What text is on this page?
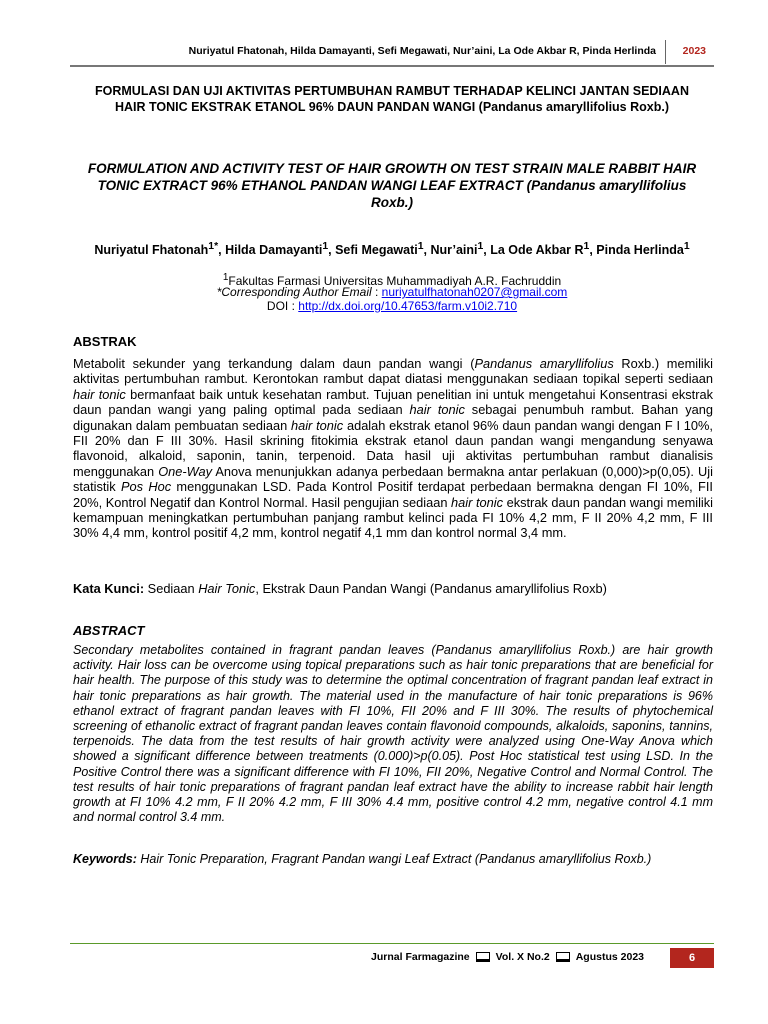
Nuriyatul Fhatonah, Hilda Damayanti, Sefi Megawati, Nur’aini, La Ode Akbar R, Pinda Herlinda	2023
FORMULASI DAN UJI AKTIVITAS PERTUMBUHAN RAMBUT TERHADAP KELINCI JANTAN SEDIAAN HAIR TONIC EKSTRAK ETANOL 96% DAUN PANDAN WANGI (Pandanus amaryllifolius Roxb.)
FORMULATION AND ACTIVITY TEST OF HAIR GROWTH ON TEST STRAIN MALE RABBIT HAIR TONIC EXTRACT 96% ETHANOL PANDAN WANGI LEAF EXTRACT (Pandanus amaryllifolius Roxb.)
Nuriyatul Fhatonah$^{1*}$, Hilda Damayanti$^1$, Sefi Megawati$^1$, Nur’aini$^1$, La Ode Akbar $R^1$, Pinda Herlinda$^1$
$^1$Fakultas Farmasi Universitas Muhammadiyah A.R. Fachruddin
*Corresponding Author Email : nuriyatulfhatonah0207@gmail.com
DOI : http://dx.doi.org/10.47653/farm.v10i2.710
ABSTRAK
Metabolit sekunder yang terkandung dalam daun pandan wangi (Pandanus amaryllifolius Roxb.) memiliki aktivitas pertumbuhan rambut. Kerontokan rambut dapat diatasi menggunakan sediaan topikal seperti sediaan hair tonic bermanfaat baik untuk kesehatan rambut. Tujuan penelitian ini untuk mengetahui Konsentrasi ekstrak daun pandan wangi yang paling optimal pada sediaan hair tonic sebagai penumbuh rambut. Bahan yang digunakan dalam pembuatan sediaan hair tonic adalah ekstrak etanol 96% daun pandan wangi dengan F I 10%, FII 20% dan F III 30%. Hasil skrining fitokimia ekstrak etanol daun pandan wangi mengandung senyawa flavonoid, alkaloid, saponin, tanin, terpenoid. Data hasil uji aktivitas pertumbuhan rambut dianalisis menggunakan One-Way Anova menunjukkan adanya perbedaan bermakna antar perlakuan (0,000)>p(0,05). Uji statistik Pos Hoc menggunakan LSD. Pada Kontrol Positif terdapat perbedaan bermakna dengan FI 10%, FII 20%, Kontrol Negatif dan Kontrol Normal. Hasil pengujian sediaan hair tonic ekstrak daun pandan wangi memiliki kemampuan meningkatkan pertumbuhan panjang rambut kelinci pada FI 10% 4,2 mm, F II 20% 4,2 mm, F III 30% 4,4 mm, kontrol positif 4,2 mm, kontrol negatif 4,1 mm dan kontrol normal 3,4 mm.
Kata Kunci: Sediaan Hair Tonic, Ekstrak Daun Pandan Wangi (Pandanus amaryllifolius Roxb)
ABSTRACT
Secondary metabolites contained in fragrant pandan leaves (Pandanus amaryllifolius Roxb.) are hair growth activity. Hair loss can be overcome using topical preparations such as hair tonic preparations that are beneficial for hair health. The purpose of this study was to determine the optimal concentration of fragrant pandan leaf extract in hair tonic preparations as hair growth. The material used in the manufacture of hair tonic preparations is 96% ethanol extract of fragrant pandan leaves with FI 10%, FII 20% and F III 30%. The results of phytochemical screening of ethanolic extract of fragrant pandan leaves contain flavonoid compounds, alkaloids, saponins, tannins, terpenoids. The data from the test results of hair growth activity were analyzed using One-Way Anova which showed a significant difference between treatments (0.000)>p(0.05). Post Hoc statistical test using LSD. In the Positive Control there was a significant difference with FI 10%, FII 20%, Negative Control and Normal Control. The test results of hair tonic preparations of fragrant pandan leaf extract have the ability to increase rabbit hair length growth at FI 10% 4.2 mm, F II 20% 4.2 mm, F III 30% 4.4 mm, positive control 4.2 mm, negative control 4.1 mm and normal control 3.4 mm.
Keywords: Hair Tonic Preparation, Fragrant Pandan wangi Leaf Extract (Pandanus amaryllifolius Roxb.)
Jurnal Farmagazine Vol. X No.2 Agustus 2023	6
